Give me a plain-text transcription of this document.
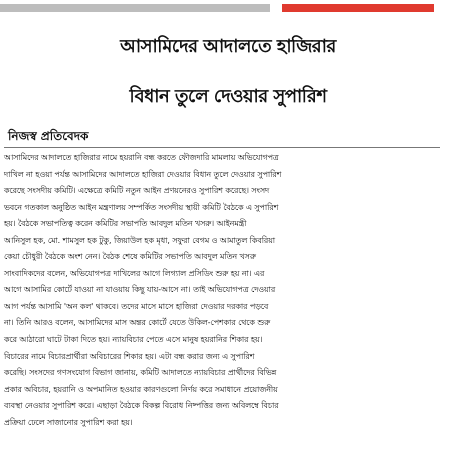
আসামিদের আদালতে হাজিরার
বিধান তুলে দেওয়ার সুপারিশ
নিজস্ব প্রতিবেদক

আসামিদের আদালতে হাজিরার নামে হয়রানি বন্ধ করতে ফৌজদারি মামলায় অভিযোগপত্র

দাখিল না হওয়া পর্যন্ত আসামিদের আদালতে হাজিরা দেওয়ার বিধান তুলে দেওয়ার সুপারিশ

করেছে সংসদীয় কমিটি। এক্ষেত্রে কমিটি নতুন আইন প্রণয়নেরও সুপারিশ করেছে। সংসদ

ভবনে গতকাল অনুষ্ঠিত আইন মন্ত্রণালয় সম্পর্কিত সংসদীয় স্থায়ী কমিটি বৈঠকে এ সুপারিশ

হয়। বৈঠকে সভাপতিত্ব করেন কমিটির সভাপতি আবদুল মতিন খসরু। আইনমন্ত্রী

আনিসুল হক, মো. শামসুল হক টুকু, জিয়াউল হক মৃধা, সফুরা বেগম ও আমাতুল কিবরিয়া

কেয়া চৌধুরী বৈঠকে অংশ নেন। বৈঠক শেষে কমিটির সভাপতি আবদুল মতিন খসরু

সাংবাদিকদের বলেন, অভিযোগপত্র দাখিলের আগে লিগ্যাল প্রসিডিং শুরু হয় না। এর

আগে আসামির কোর্টে যাওয়া না যাওয়ায় কিছু যায়-আসে না। তাই অভিযোগপত্র দেওয়ার

আগ পর্যন্ত আসামি 'অন কল' থাকবে। তদের মাসে মাসে হাজিরা দেওয়ার দরকার পড়বে

না। তিনি আরও বলেন, আসামিদের মাস অন্তর কোর্টে যেতে উকিল-পেশকার থেকে শুরু

করে আঠারো ঘাটে টাকা দিতে হয়। ন্যায়বিচার পেতে এসে মানুষ হয়রানির শিকার হয়।

বিচারের নামে বিচারপ্রার্থীরা অবিচারের শিকার হয়। এটা বন্ধ করার জন্য এ সুপারিশ

করেছি। সংসদের গণসংযোগ বিভাগ জানায়, কমিটি আদালতে ন্যায়বিচার প্রার্থীদের বিভিন্ন

প্রকার অবিচার, হয়রানি ও অপমানিত হওয়ার কারণগুলো নির্ণয় করে সমাধানে প্রয়োজনীয়

ব্যবস্থা নেওয়ার সুপারিশ করে। এছাড়া বৈঠকে বিকল্প বিরোধ নিষ্পত্তির জন্য অবিলম্বে বিচার

প্রক্রিয়া ঢেলে সাজানোর সুপারিশ করা হয়।
